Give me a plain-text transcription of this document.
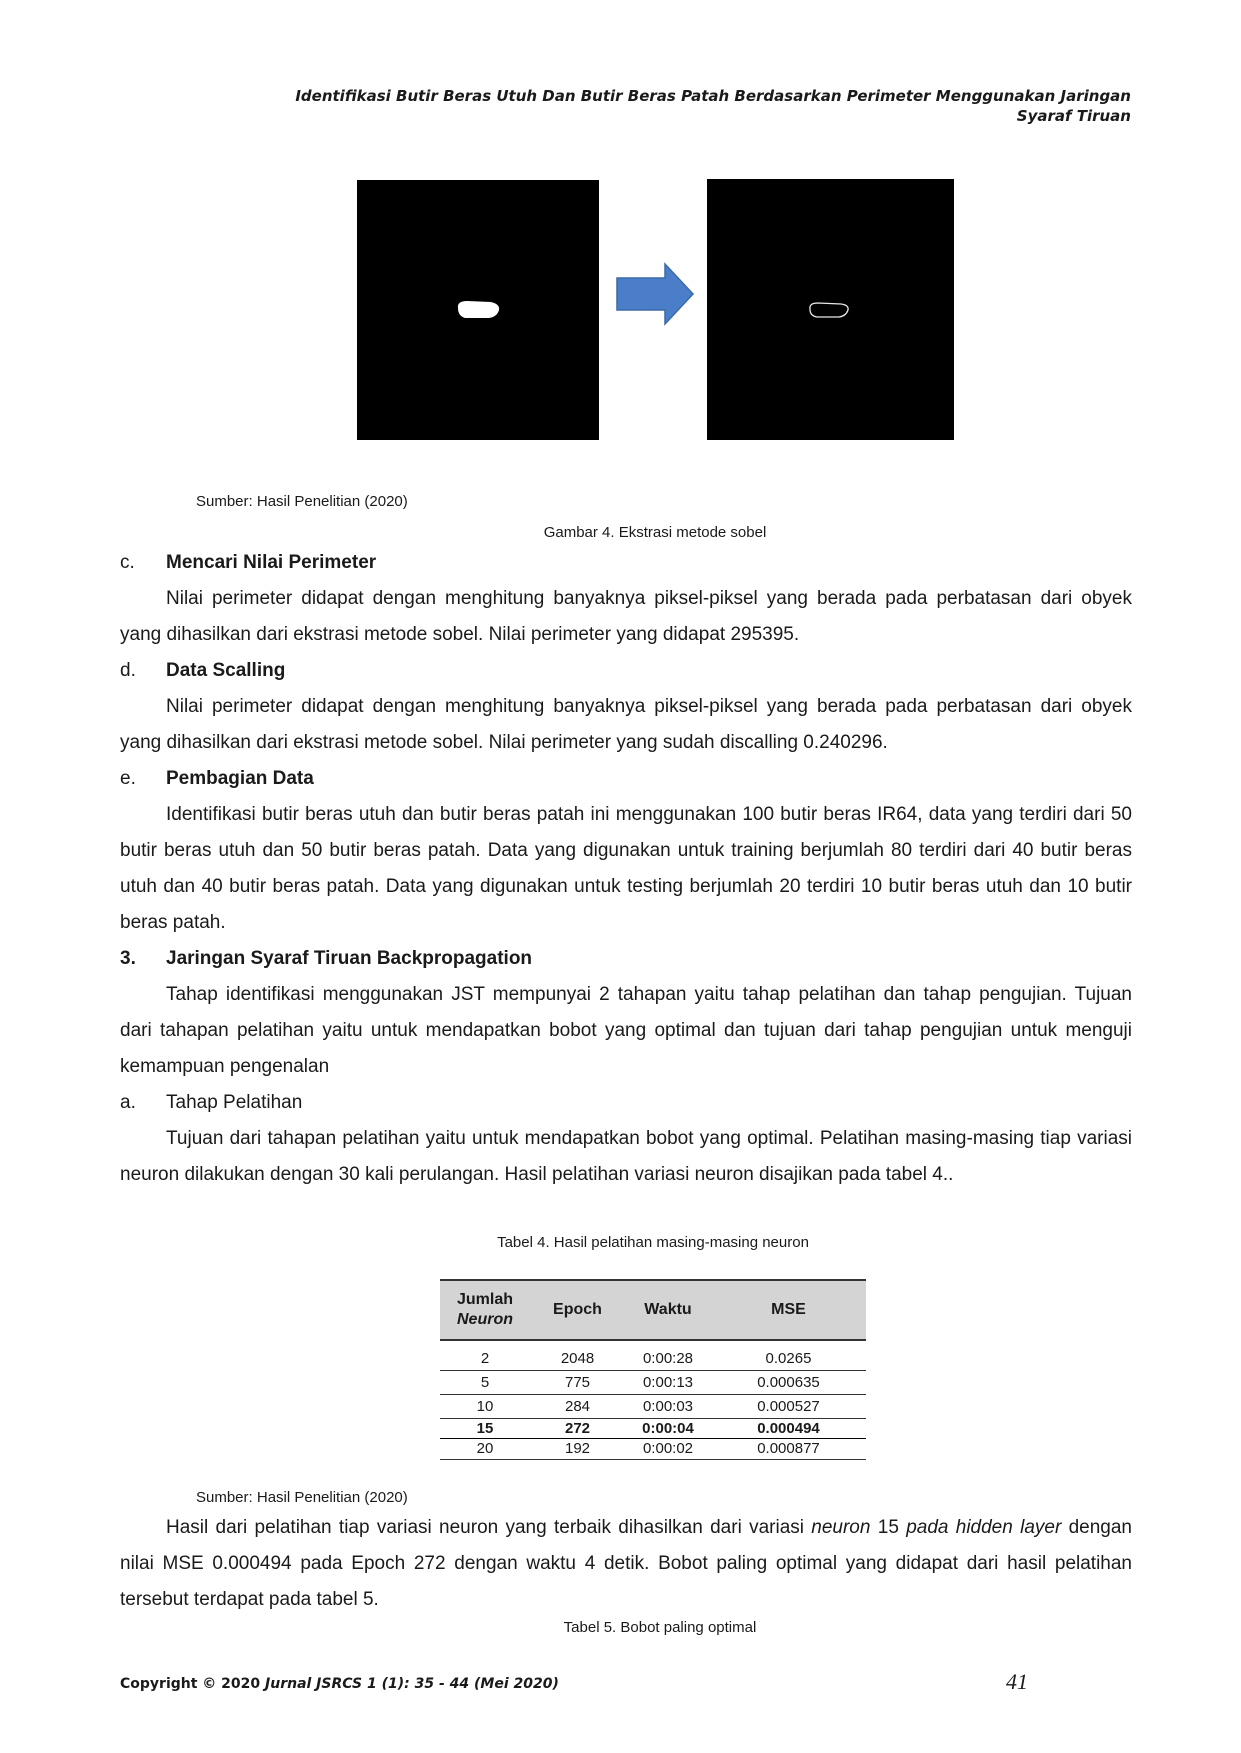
Identifikasi Butir Beras Utuh Dan Butir Beras Patah Berdasarkan Perimeter Menggunakan Jaringan
Syaraf Tiruan
Sumber: Hasil Penelitian (2020)
Gambar 4. Ekstrasi metode sobel

c. Mencari Nilai Perimeter

Nilai perimeter didapat dengan menghitung banyaknya piksel-piksel yang berada pada perbatasan dari obyek yang dihasilkan dari ekstrasi metode sobel. Nilai perimeter yang didapat 295395.

d. Data Scalling

Nilai perimeter didapat dengan menghitung banyaknya piksel-piksel yang berada pada perbatasan dari obyek yang dihasilkan dari ekstrasi metode sobel. Nilai perimeter yang sudah discalling 0.240296.

e. Pembagian Data

Identifikasi butir beras utuh dan butir beras patah ini menggunakan 100 butir beras IR64, data yang terdiri dari 50 butir beras utuh dan 50 butir beras patah. Data yang digunakan untuk training berjumlah 80 terdiri dari 40 butir beras utuh dan 40 butir beras patah. Data yang digunakan untuk testing berjumlah 20 terdiri 10 butir beras utuh dan 10 butir beras patah.

3. Jaringan Syaraf Tiruan Backpropagation

Tahap identifikasi menggunakan JST mempunyai 2 tahapan yaitu tahap pelatihan dan tahap pengujian. Tujuan dari tahapan pelatihan yaitu untuk mendapatkan bobot yang optimal dan tujuan dari tahap pengujian untuk menguji kemampuan pengenalan

a. Tahap Pelatihan

Tujuan dari tahapan pelatihan yaitu untuk mendapatkan bobot yang optimal. Pelatihan masing-masing tiap variasi neuron dilakukan dengan 30 kali perulangan. Hasil pelatihan variasi neuron disajikan pada tabel 4..

Tabel 4. Hasil pelatihan masing-masing neuron
Jumlah
Neuron	Epoch	Waktu	MSE
2	2048	0:00:28	0.0265
5	775	0:00:13	0.000635
10	284	0:00:03	0.000527
15	272	0:00:04	0.000494
20	192	0:00:02	0.000877
Sumber: Hasil Penelitian (2020)

Hasil dari pelatihan tiap variasi neuron yang terbaik dihasilkan dari variasi neuron 15 pada hidden layer dengan nilai MSE 0.000494 pada Epoch 272 dengan waktu 4 detik. Bobot paling optimal yang didapat dari hasil pelatihan tersebut terdapat pada tabel 5.

Tabel 5. Bobot paling optimal
Copyright © 2020 Jurnal JSRCS 1 (1): 35 - 44 (Mei 2020)	41
